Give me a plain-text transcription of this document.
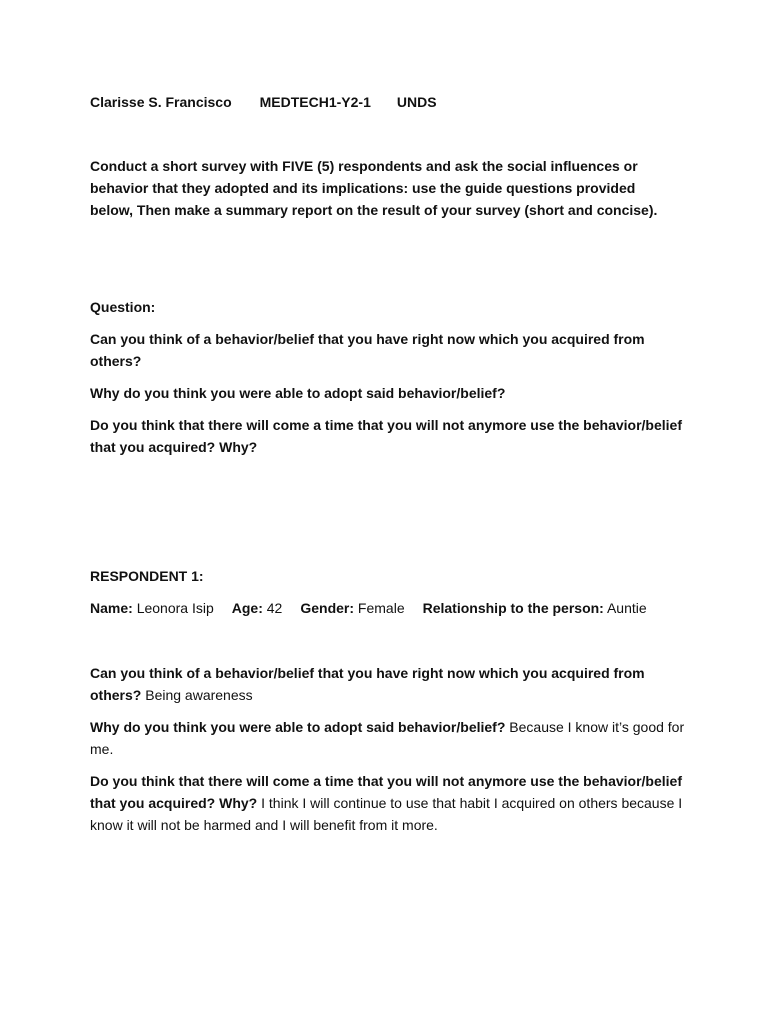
Clarisse S. Francisco MEDTECH1-Y2-1 UNDS

Conduct a short survey with FIVE (5) respondents and ask the social influences or behavior that they adopted and its implications: use the guide questions provided below, Then make a summary report on the result of your survey (short and concise).

Question:

Can you think of a behavior/belief that you have right now which you acquired from others?

Why do you think you were able to adopt said behavior/belief?

Do you think that there will come a time that you will not anymore use the behavior/belief that you acquired? Why?

RESPONDENT 1:

Name: Leonora Isip Age: 42 Gender: Female Relationship to the person: Auntie

Can you think of a behavior/belief that you have right now which you acquired from others? Being awareness

Why do you think you were able to adopt said behavior/belief? Because I know it’s good for me.

Do you think that there will come a time that you will not anymore use the behavior/belief that you acquired? Why? I think I will continue to use that habit I acquired on others because I know it will not be harmed and I will benefit from it more.
